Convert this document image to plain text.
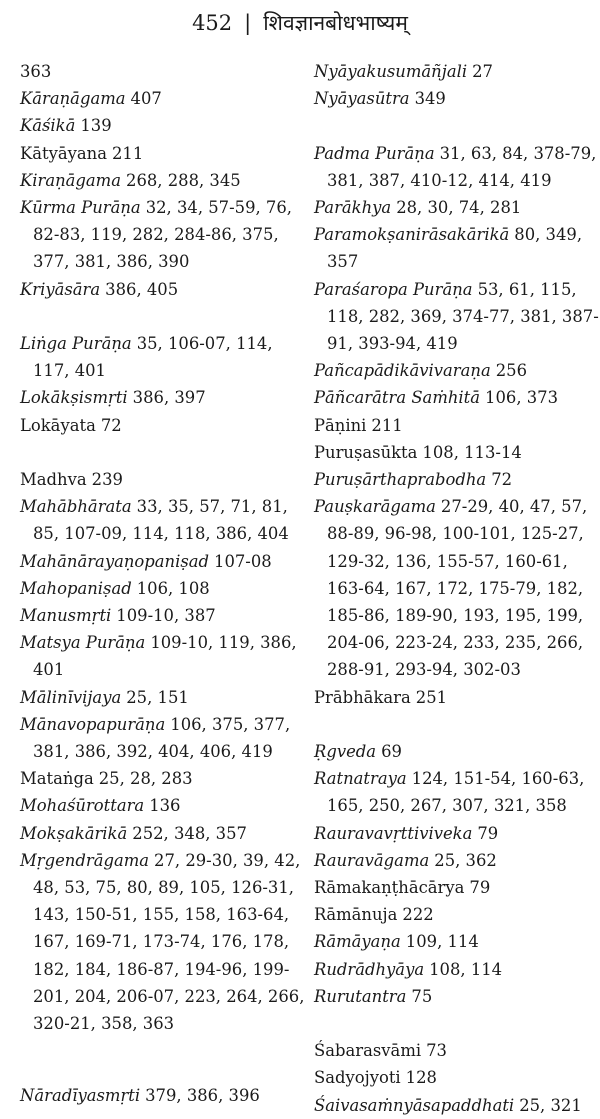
452 | शिवज्ञानबोधभाष्यम्

363

Kāraṇāgama 407

Kāśikā 139

Kātyāyana 211

Kiraṇāgama 268, 288, 345

Kūrma Purāṇa 32, 34, 57-59, 76, 82-83, 119, 282, 284-86, 375, 377, 381, 386, 390

Kriyāsāra 386, 405

Liṅga Purāṇa 35, 106-07, 114, 117, 401

Lokākṣismṛti 386, 397

Lokāyata 72

Madhva 239

Mahābhārata 33, 35, 57, 71, 81, 85, 107-09, 114, 118, 386, 404

Mahānārayaṇopaniṣad 107-08

Mahopaniṣad 106, 108

Manusmṛti 109-10, 387

Matsya Purāṇa 109-10, 119, 386, 401

Mālinīvijaya 25, 151

Mānavopapurāṇa 106, 375, 377, 381, 386, 392, 404, 406, 419

Mataṅga 25, 28, 283

Mohaśūrottara 136

Mokṣakārikā 252, 348, 357

Mṛgendrāgama 27, 29-30, 39, 42, 48, 53, 75, 80, 89, 105, 126-31, 143, 150-51, 155, 158, 163-64, 167, 169-71, 173-74, 176, 178, 182, 184, 186-87, 194-96, 199-201, 204, 206-07, 223, 264, 266, 320-21, 358, 363

Nāradīyasmṛti 379, 386, 396

Nyāyakusumāñjali 27

Nyāyasūtra 349

Padma Purāṇa 31, 63, 84, 378-79, 381, 387, 410-12, 414, 419

Parākhya 28, 30, 74, 281

Paramokṣanirāsakārikā 80, 349, 357

Paraśaropa Purāṇa 53, 61, 115, 118, 282, 369, 374-77, 381, 387-91, 393-94, 419

Pañcapādikāvivaraṇa 256

Pāñcarātra Saṁhitā 106, 373

Pāṇini 211

Puruṣasūkta 108, 113-14

Puruṣārthaprabodha 72

Pauṣkarāgama 27-29, 40, 47, 57, 88-89, 96-98, 100-101, 125-27, 129-32, 136, 155-57, 160-61, 163-64, 167, 172, 175-79, 182, 185-86, 189-90, 193, 195, 199, 204-06, 223-24, 233, 235, 266, 288-91, 293-94, 302-03

Prābhākara 251

Ṛgveda 69

Ratnatraya 124, 151-54, 160-63, 165, 250, 267, 307, 321, 358

Rauravavṛttiviveka 79

Rauravāgama 25, 362

Rāmakaṇṭhācārya 79

Rāmānuja 222

Rāmāyaṇa 109, 114

Rudrādhyāya 108, 114

Rurutantra 75

Śabarasvāmi 73

Sadyojyoti 128

Śaivasaṁnyāsapaddhati 25, 321
